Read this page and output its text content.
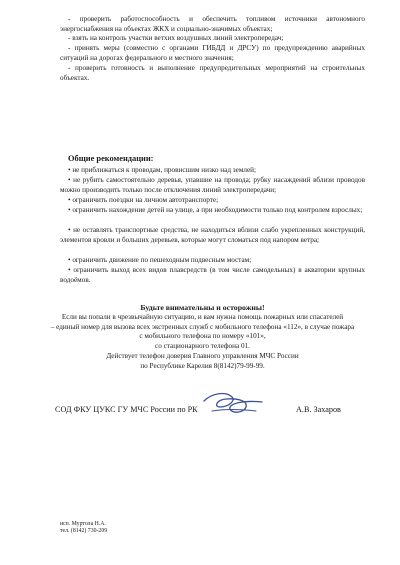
- проверить работоспособность и обеспечить топливом источники автономного энергоснабжения на объектах ЖКХ и социально-значимых объектах;

- взять на контроль участки ветхих воздушных линий электропередач;

- принять меры (совместно с органами ГИБДД и ДРСУ) по предупреждению аварийных ситуаций на дорогах федерального и местного значения;

- проверить готовность и выполнение предупредительных мероприятий на строительных объектах.

Общие рекомендации:

• не приближаться к проводам, провисшим низко над землей;

• не рубить самостоятельно деревья, упавшие на провода; рубку насаждений вблизи проводов можно производить только после отключения линий электропередачи;

• ограничить поездки на личном автотранспорте;

• ограничить нахождение детей на улице, а при необходимости только под контролем взрослых;

• не оставлять транспортные средства, не находиться вблизи слабо укрепленных конструкций, элементов кровли и больших деревьев, которые могут сломаться под напором ветра;

• ограничить движение по пешеходным подвесным мостам;

• ограничить выход всех видов плавсредств (в том числе самодельных) в акватории крупных водоёмов.

Будьте внимательны и осторожны!

Если вы попали в чрезвычайную ситуацию, и вам нужна помощь пожарных или спасателей

– единый номер для вызова всех экстренных служб с мобильного телефона «112», в случае пожара

с мобильного телефона по номеру «101»,

со стационарного телефона 01.

Действует телефон доверия Главного управления МЧС России

по Республике Карелия 8(8142)79-99-99.

СОД ФКУ ЦУКС ГУ МЧС России по РК	А.В. Захаров

исп. Муртола Н.А.

тел. (8142) 730-209
